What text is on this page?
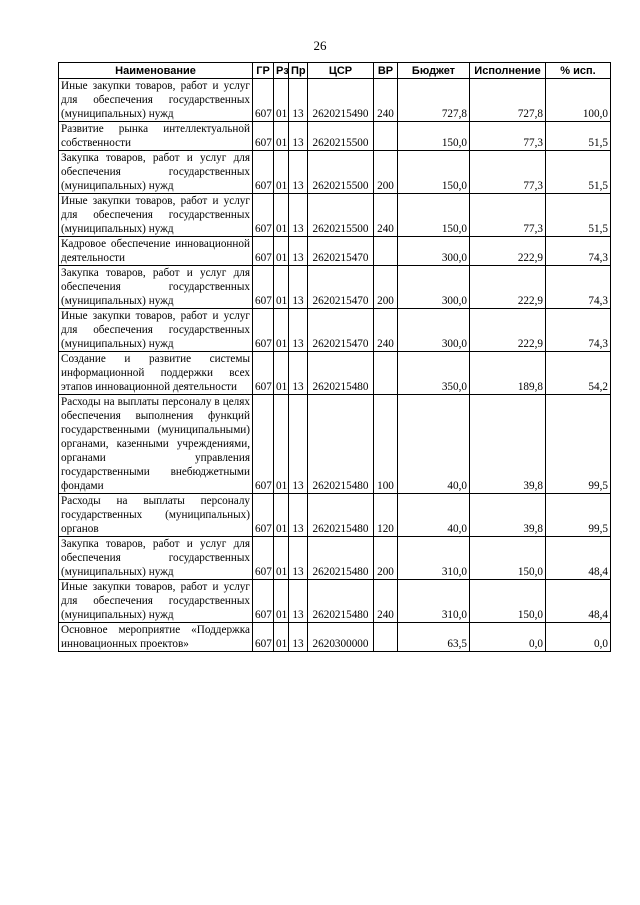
26
Наименование	ГР	Рз	Пр	ЦСР	ВР	Бюджет	Исполнение	% исп.
Иные закупки товаров, работ и услуг для обеспечения государственных (муниципальных) нужд	607	01	13	2620215490	240	727,8	727,8	100,0
Развитие рынка интеллектуальной собственности	607	01	13	2620215500		150,0	77,3	51,5
Закупка товаров, работ и услуг для обеспечения государственных (муниципальных) нужд	607	01	13	2620215500	200	150,0	77,3	51,5
Иные закупки товаров, работ и услуг для обеспечения государственных (муниципальных) нужд	607	01	13	2620215500	240	150,0	77,3	51,5
Кадровое обеспечение инновационной деятельности	607	01	13	2620215470		300,0	222,9	74,3
Закупка товаров, работ и услуг для обеспечения государственных (муниципальных) нужд	607	01	13	2620215470	200	300,0	222,9	74,3
Иные закупки товаров, работ и услуг для обеспечения государственных (муниципальных) нужд	607	01	13	2620215470	240	300,0	222,9	74,3
Создание и развитие системы информационной поддержки всех этапов инновационной деятельности	607	01	13	2620215480		350,0	189,8	54,2
Расходы на выплаты персоналу в целях обеспечения выполнения функций государственными (муниципальными) органами, казенными учреждениями, органами управления государственными внебюджетными фондами	607	01	13	2620215480	100	40,0	39,8	99,5
Расходы на выплаты персоналу государственных (муниципальных) органов	607	01	13	2620215480	120	40,0	39,8	99,5
Закупка товаров, работ и услуг для обеспечения государственных (муниципальных) нужд	607	01	13	2620215480	200	310,0	150,0	48,4
Иные закупки товаров, работ и услуг для обеспечения государственных (муниципальных) нужд	607	01	13	2620215480	240	310,0	150,0	48,4
Основное мероприятие «Поддержка инновационных проектов»	607	01	13	2620300000		63,5	0,0	0,0
